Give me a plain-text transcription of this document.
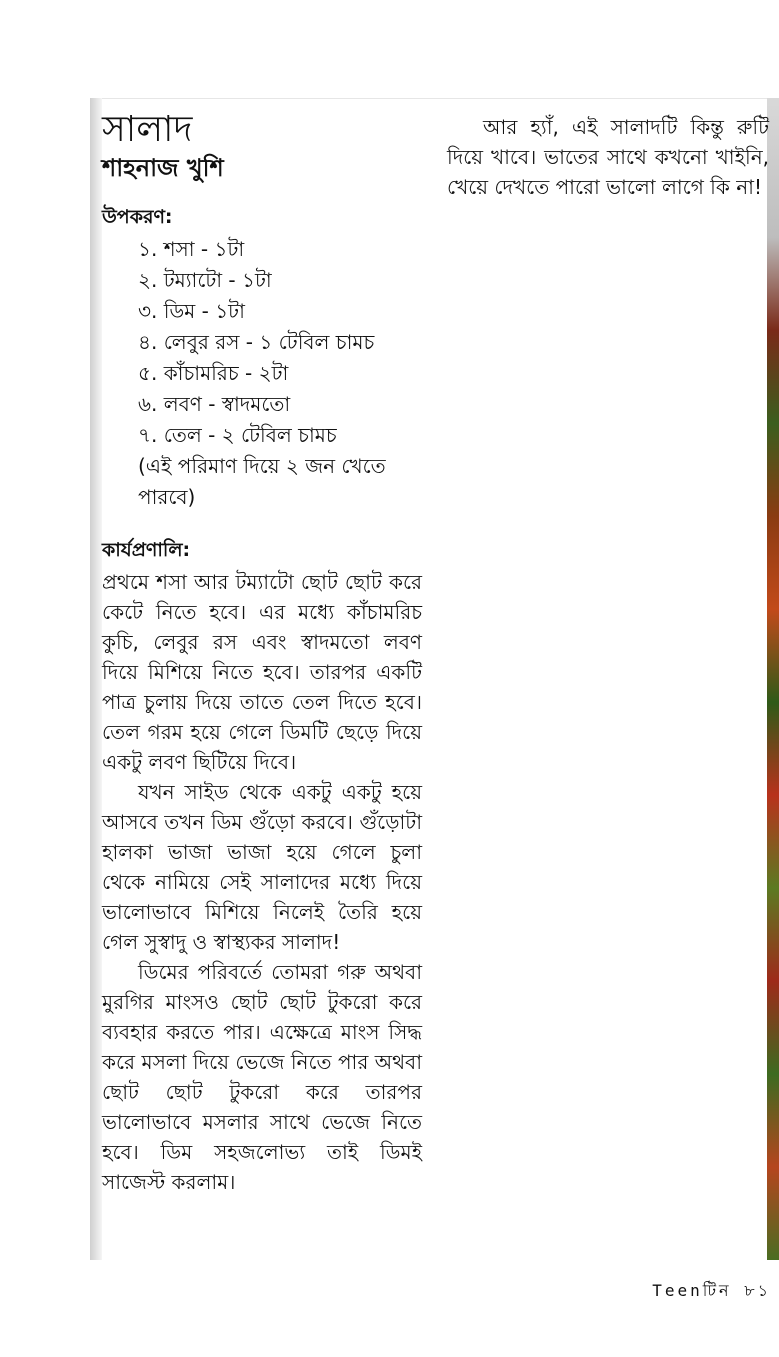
সালাদ
শাহনাজ খুশি
উপকরণ:
১. শসা - ১টা
২. টম্যাটো - ১টা
৩. ডিম - ১টা
৪. লেবুর রস - ১ টেবিল চামচ
৫. কাঁচামরিচ - ২টা
৬. লবণ - স্বাদমতো
৭. তেল - ২ টেবিল চামচ

(এই পরিমাণ দিয়ে ২ জন খেতে পারবে)

কার্যপ্রণালি:

প্রথমে শসা আর টম্যাটো ছোট ছোট করে কেটে নিতে হবে। এর মধ্যে কাঁচামরিচ কুচি, লেবুর রস এবং স্বাদমতো লবণ দিয়ে মিশিয়ে নিতে হবে। তারপর একটি পাত্র চুলায় দিয়ে তাতে তেল দিতে হবে। তেল গরম হয়ে গেলে ডিমটি ছেড়ে দিয়ে একটু লবণ ছিটিয়ে দিবে।

যখন সাইড থেকে একটু একটু হয়ে আসবে তখন ডিম গুঁড়ো করবে। গুঁড়োটা হালকা ভাজা ভাজা হয়ে গেলে চুলা থেকে নামিয়ে সেই সালাদের মধ্যে দিয়ে ভালোভাবে মিশিয়ে নিলেই তৈরি হয়ে গেল সুস্বাদু ও স্বাস্থ্যকর সালাদ!

ডিমের পরিবর্তে তোমরা গরু অথবা মুরগির মাংসও ছোট ছোট টুকরো করে ব্যবহার করতে পার। এক্ষেত্রে মাংস সিদ্ধ করে মসলা দিয়ে ভেজে নিতে পার অথবা ছোট ছোট টুকরো করে তারপর ভালোভাবে মসলার সাথে ভেজে নিতে হবে। ডিম সহজলোভ্য তাই ডিমই সাজেস্ট করলাম।

আর হ্যাঁ, এই সালাদটি কিন্তু রুটি দিয়ে খাবে। ভাতের সাথে কখনো খাইনি, খেয়ে দেখতে পারো ভালো লাগে কি না!

Teenটিন ৮১
